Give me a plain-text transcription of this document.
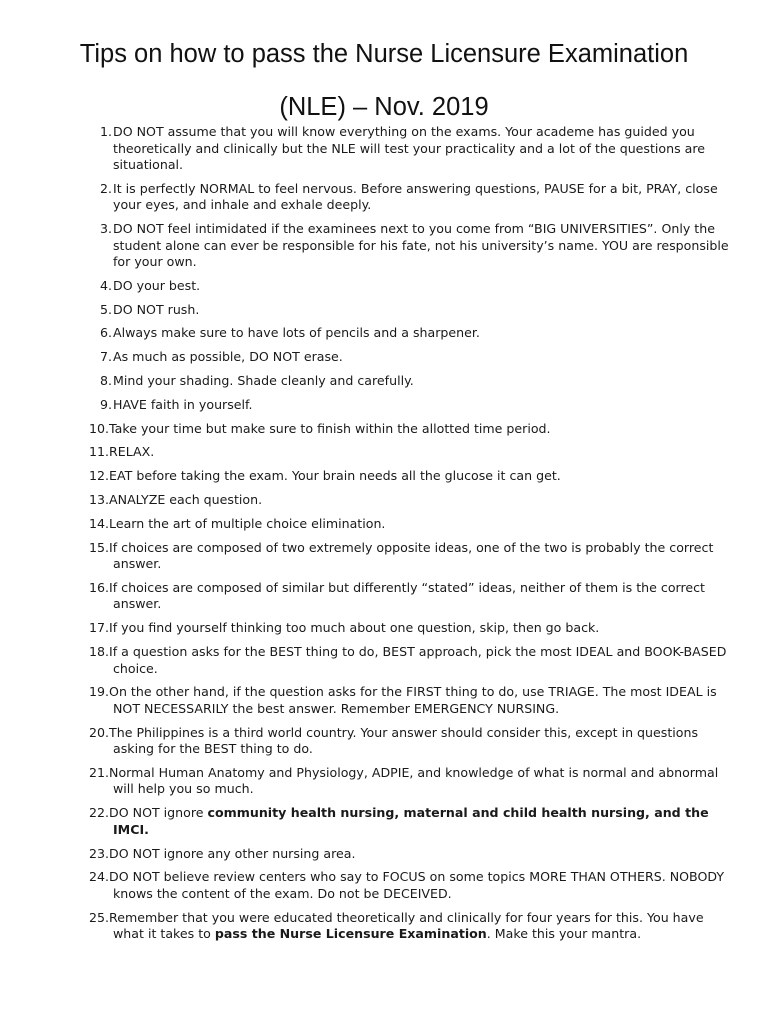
Tips on how to pass the Nurse Licensure Examination
(NLE) – Nov. 2019
1. DO NOT assume that you will know everything on the exams. Your academe has guided you theoretically and clinically but the NLE will test your practicality and a lot of the questions are situational.
2. It is perfectly NORMAL to feel nervous. Before answering questions, PAUSE for a bit, PRAY, close your eyes, and inhale and exhale deeply.
3. DO NOT feel intimidated if the examinees next to you come from “BIG UNIVERSITIES”. Only the student alone can ever be responsible for his fate, not his university’s name. YOU are responsible for your own.
4. DO your best.
5. DO NOT rush.
6. Always make sure to have lots of pencils and a sharpener.
7. As much as possible, DO NOT erase.
8. Mind your shading. Shade cleanly and carefully.
9. HAVE faith in yourself.
10.Take your time but make sure to finish within the allotted time period.
11.RELAX.
12.EAT before taking the exam. Your brain needs all the glucose it can get.
13.ANALYZE each question.
14.Learn the art of multiple choice elimination.
15.If choices are composed of two extremely opposite ideas, one of the two is probably the correct answer.
16.If choices are composed of similar but differently “stated” ideas, neither of them is the correct answer.
17.If you find yourself thinking too much about one question, skip, then go back.
18.If a question asks for the BEST thing to do, BEST approach, pick the most IDEAL and BOOK-BASED choice.
19.On the other hand, if the question asks for the FIRST thing to do, use TRIAGE. The most IDEAL is NOT NECESSARILY the best answer. Remember EMERGENCY NURSING.
20.The Philippines is a third world country. Your answer should consider this, except in questions asking for the BEST thing to do.
21.Normal Human Anatomy and Physiology, ADPIE, and knowledge of what is normal and abnormal will help you so much.
22.DO NOT ignore community health nursing, maternal and child health nursing, and the IMCI.
23.DO NOT ignore any other nursing area.
24.DO NOT believe review centers who say to FOCUS on some topics MORE THAN OTHERS. NOBODY knows the content of the exam. Do not be DECEIVED.
25.Remember that you were educated theoretically and clinically for four years for this. You have what it takes to pass the Nurse Licensure Examination. Make this your mantra.
